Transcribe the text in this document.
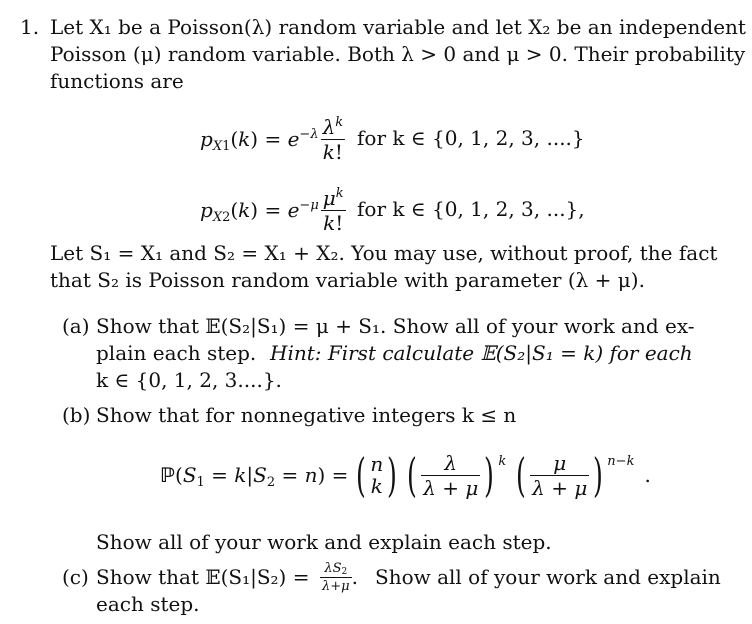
1. Let X₁ be a Poisson(λ) random variable and let X₂ be an independent
Poisson (μ) random variable. Both λ > 0 and μ > 0. Their probability
functions are
$p_{X1}(k) = e^{-\lambda} \frac{\lambda^k}{k!}$ for k ∈ {0, 1, 2, 3, ....}
$p_{X2}(k) = e^{-\mu} \frac{\mu^k}{k!}$ for k ∈ {0, 1, 2, 3, ...},
Let S₁ = X₁ and S₂ = X₁ + X₂. You may use, without proof, the fact
that S₂ is Poisson random variable with parameter (λ + μ).
(a) Show that 𝔼(S₂|S₁) = μ + S₁. Show all of your work and ex-
plain each step. Hint: First calculate 𝔼(S₂|S₁ = k) for each
k ∈ {0, 1, 2, 3....}.
(b) Show that for nonnegative integers k ≤ n
$ℙ(S_1 = k|S_2 = n)$ = ( n
k ) ( $\frac{\lambda}{\lambda + \mu}$ ) k ( $\frac{\mu}{\lambda + \mu}$ ) n−k
.
Show all of your work and explain each step.
(c) Show that 𝔼(S₁|S₂) = $\frac{\lambda S_2}{\lambda+\mu}$ . Show all of your work and explain
each step.
